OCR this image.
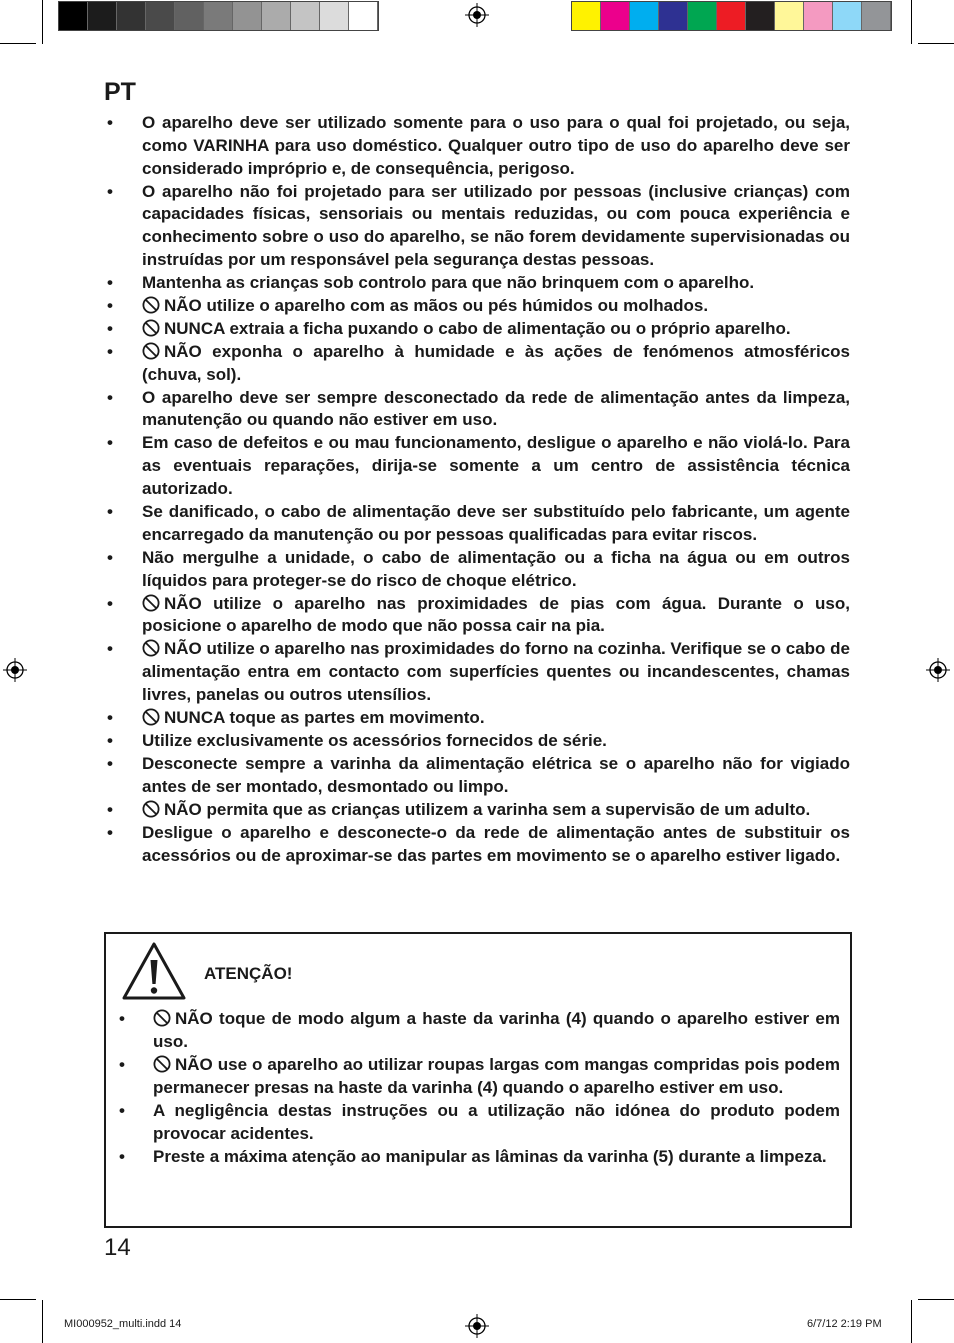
PT
• O aparelho deve ser utilizado somente para o uso para o qual foi projetado, ou seja, como VARINHA para uso doméstico. Qualquer outro tipo de uso do aparelho deve ser considerado impróprio e, de consequência, perigoso.
• O aparelho não foi projetado para ser utilizado por pessoas (inclusive crianças) com capacidades físicas, sensoriais ou mentais reduzidas, ou com pouca experiência e conhecimento sobre o uso do aparelho, se não forem devidamente supervisionadas ou instruídas por um responsável pela segurança destas pessoas.
• Mantenha as crianças sob controlo para que não brinquem com o aparelho.
•	NÃO utilize o aparelho com as mãos ou pés húmidos ou molhados.
•	NUNCA extraia a ficha puxando o cabo de alimentação ou o próprio aparelho.
•	NÃO exponha o aparelho à humidade e às ações de fenómenos atmosféricos (chuva, sol).
• O aparelho deve ser sempre desconectado da rede de alimentação antes da limpeza, manutenção ou quando não estiver em uso.
• Em caso de defeitos e ou mau funcionamento, desligue o aparelho e não violá-lo. Para as eventuais reparações, dirija-se somente a um centro de assistência técnica autorizado.
• Se danificado, o cabo de alimentação deve ser substituído pelo fabricante, um agente encarregado da manutenção ou por pessoas qualificadas para evitar riscos.
• Não mergulhe a unidade, o cabo de alimentação ou a ficha na água ou em outros líquidos para proteger-se do risco de choque elétrico.
•	NÃO utilize o aparelho nas proximidades de pias com água. Durante o uso, posicione o aparelho de modo que não possa cair na pia.
•	NÃO utilize o aparelho nas proximidades do forno na cozinha. Verifique se o cabo de alimentação entra em contacto com superfícies quentes ou incandescentes, chamas livres, panelas ou outros utensílios.
•	NUNCA toque as partes em movimento.
• Utilize exclusivamente os acessórios fornecidos de série.
• Desconecte sempre a varinha da alimentação elétrica se o aparelho não for vigiado antes de ser montado, desmontado ou limpo.
•	NÃO permita que as crianças utilizem a varinha sem a supervisão de um adulto.
• Desligue o aparelho e desconecte-o da rede de alimentação antes de substituir os acessórios ou de aproximar-se das partes em movimento se o aparelho estiver ligado.
ATENÇÃO!
•	NÃO toque de modo algum a haste da varinha (4) quando o aparelho estiver em uso.
•	NÃO use o aparelho ao utilizar roupas largas com mangas compridas pois podem permanecer presas na haste da varinha (4) quando o aparelho estiver em uso.
• A negligência destas instruções ou a utilização não idónea do produto podem provocar acidentes.
• Preste a máxima atenção ao manipular as lâminas da varinha (5) durante a limpeza.
14
MI000952_multi.indd 14	6/7/12 2:19 PM
